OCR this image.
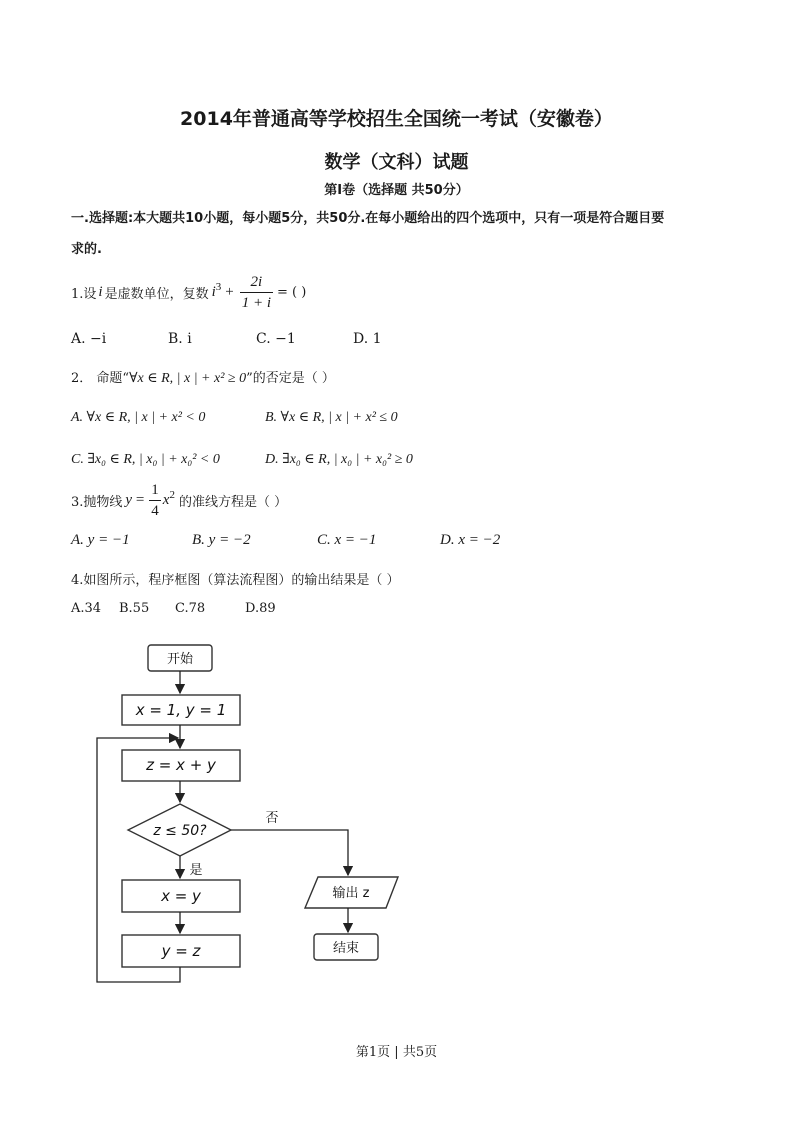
2014年普通高等学校招生全国统一考试（安徽卷）
数学（文科）试题
第Ⅰ卷（选择题 共50分）
一.选择题:本大题共10小题，每小题5分，共50分.在每小题给出的四个选项中，只有一项是符合题目要
求的.
1.设 i 是虚数单位，复数 $i^3 + \frac{2i}{1 + i}$ = ( )
A. −i	B. i	C. −1	D. 1
2． 命题“∀x ∈ R, | x | + x² ≥ 0”的否定是（ ）
A. ∀x ∈ R, | x | + x² < 0	B. ∀x ∈ R, | x | + x² ≤ 0
C. ∃x₀ ∈ R, | x₀ | + x₀² < 0	D. ∃x₀ ∈ R, | x₀ | + x₀² ≥ 0
3.抛物线 $y = \frac{1}{4} x^2$ 的准线方程是（ ）
A. y = −1	B. y = −2	C. x = −1	D. x = −2
4.如图所示，程序框图（算法流程图）的输出结果是（ ）
A.34 B.55 C.78	D.89
开始
x = 1, y = 1
z = x + y
z ≤ 50?
否
是
x = y
y = z
输出 z
结束
第1页 | 共5页
